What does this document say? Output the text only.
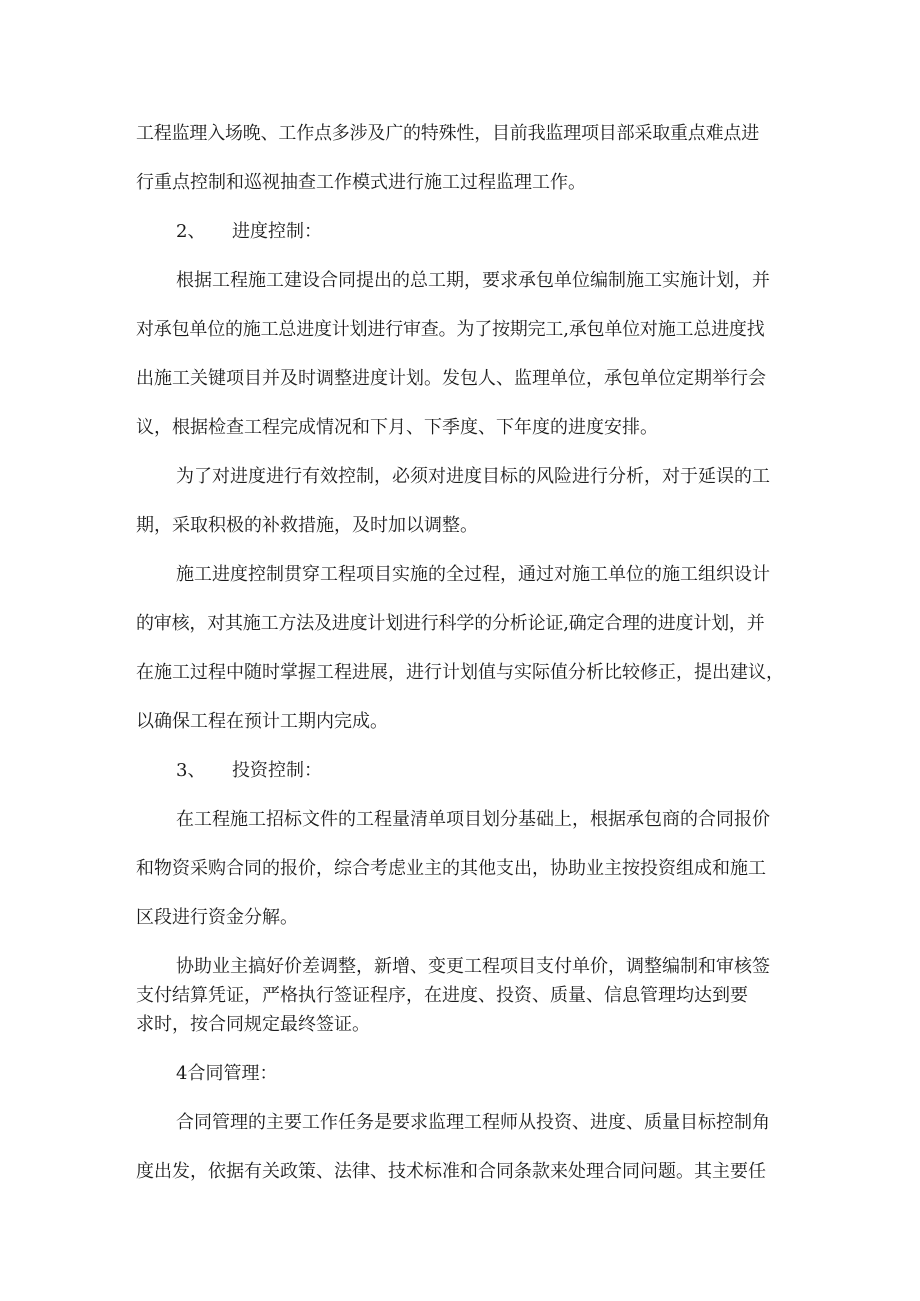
工程监理入场晚、工作点多涉及广的特殊性，目前我监理项目部采取重点难点进
行重点控制和巡视抽查工作模式进行施工过程监理工作。
2、 进度控制：
根据工程施工建设合同提出的总工期，要求承包单位编制施工实施计划，并
对承包单位的施工总进度计划进行审查。为了按期完工,承包单位对施工总进度找
出施工关键项目并及时调整进度计划。发包人、监理单位，承包单位定期举行会
议，根据检查工程完成情况和下月、下季度、下年度的进度安排。
为了对进度进行有效控制，必须对进度目标的风险进行分析，对于延误的工
期，采取积极的补救措施，及时加以调整。
施工进度控制贯穿工程项目实施的全过程，通过对施工单位的施工组织设计
的审核，对其施工方法及进度计划进行科学的分析论证,确定合理的进度计划，并
在施工过程中随时掌握工程进展，进行计划值与实际值分析比较修正，提出建议，
以确保工程在预计工期内完成。
3、 投资控制：
在工程施工招标文件的工程量清单项目划分基础上，根据承包商的合同报价
和物资采购合同的报价，综合考虑业主的其他支出，协助业主按投资组成和施工
区段进行资金分解。
协助业主搞好价差调整，新增、变更工程项目支付单价，调整编制和审核签
支付结算凭证，严格执行签证程序，在进度、投资、质量、信息管理均达到要
求时，按合同规定最终签证。
4合同管理：
合同管理的主要工作任务是要求监理工程师从投资、进度、质量目标控制角
度出发，依据有关政策、法律、技术标准和合同条款来处理合同问题。其主要任
